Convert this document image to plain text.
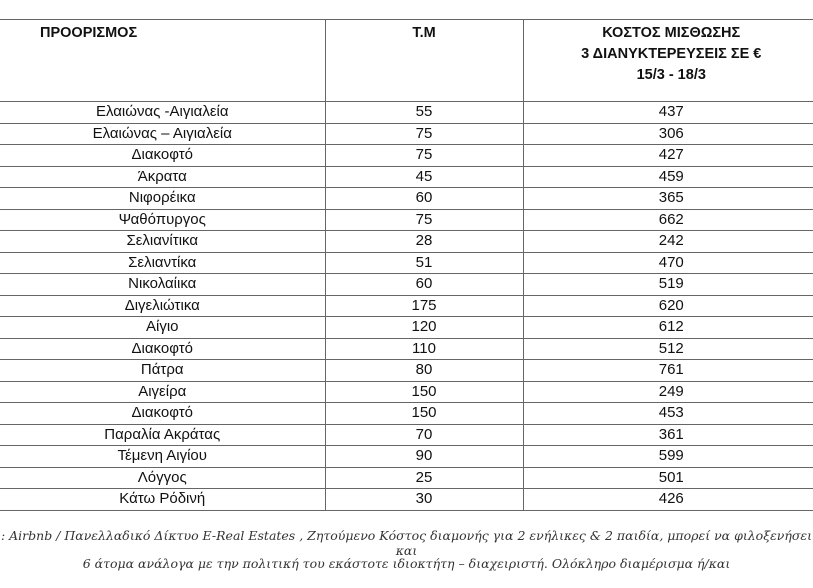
ΠΡΟΟΡΙΣΜΟΣ	Τ.Μ	ΚΟΣΤΟΣ ΜΙΣΘΩΣΗΣ
3 ΔΙΑΝΥΚΤΕΡΕΥΣΕΙΣ ΣΕ €
15/3 - 18/3

Ελαιώνας -Αιγιαλεία	55	437
Ελαιώνας – Αιγιαλεία	75	306
Διακοφτό	75	427
Άκρατα	45	459
Νιφορέικα	60	365
Ψαθόπυργος	75	662
Σελιανίτικα	28	242
Σελιαντίκα	51	470
Νικολαίικα	60	519
Διγελιώτικα	175	620
Αίγιο	120	612
Διακοφτό	110	512
Πάτρα	80	761
Αιγείρα	150	249
Διακοφτό	150	453
Παραλία Ακράτας	70	361
Τέμενη Αιγίου	90	599
Λόγγος	25	501
Κάτω Ρόδινή	30	426
: Airbnb / Πανελλαδικό Δίκτυο E-Real Estates , Ζητούμενο Κόστος διαμονής για 2 ενήλικες & 2 παιδία, μπορεί να φιλοξενήσει και
6 άτομα ανάλογα με την πολιτική του εκάστοτε ιδιοκτήτη – διαχειριστή. Ολόκληρο διαμέρισμα ή/και
